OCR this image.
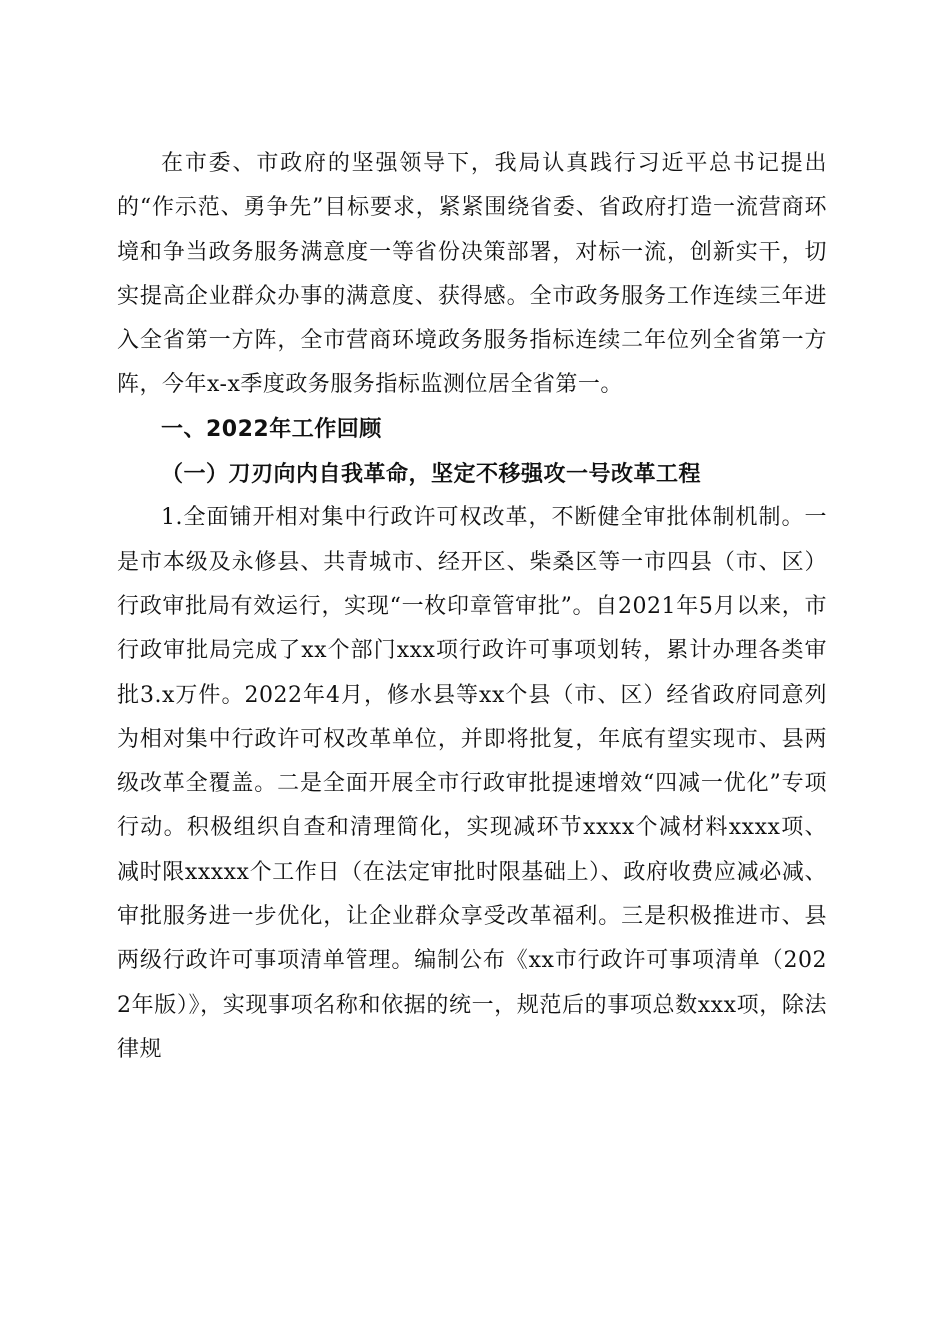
在市委、市政府的坚强领导下，我局认真践行习近平总书记提出的“作示范、勇争先”目标要求，紧紧围绕省委、省政府打造一流营商环境和争当政务服务满意度一等省份决策部署，对标一流，创新实干，切实提高企业群众办事的满意度、获得感。全市政务服务工作连续三年进入全省第一方阵，全市营商环境政务服务指标连续二年位列全省第一方阵，今年x-x季度政务服务指标监测位居全省第一。

一、2022年工作回顾

（一）刀刃向内自我革命，坚定不移强攻一号改革工程

1.全面铺开相对集中行政许可权改革，不断健全审批体制机制。一是市本级及永修县、共青城市、经开区、柴桑区等一市四县（市、区）行政审批局有效运行，实现“一枚印章管审批”。自2021年5月以来，市行政审批局完成了xx个部门xxx项行政许可事项划转，累计办理各类审批3.x万件。2022年4月，修水县等xx个县（市、区）经省政府同意列为相对集中行政许可权改革单位，并即将批复，年底有望实现市、县两级改革全覆盖。二是全面开展全市行政审批提速增效“四减一优化”专项行动。积极组织自查和清理简化，实现减环节xxxx个减材料xxxx项、减时限xxxxx个工作日（在法定审批时限基础上）、政府收费应减必减、审批服务进一步优化，让企业群众享受改革福利。三是积极推进市、县两级行政许可事项清单管理。编制公布《xx市行政许可事项清单（2022年版）》，实现事项名称和依据的统一，规范后的事项总数xxx项，除法律规
